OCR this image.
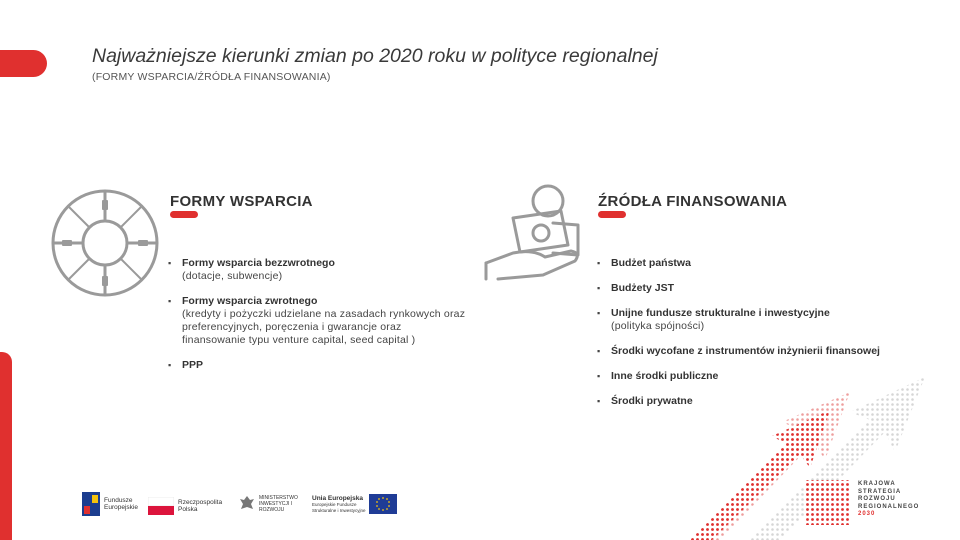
Najważniejsze kierunki zmian po 2020 roku w polityce regionalnej
(FORMY WSPARCIA/ŹRÓDŁA FINANSOWANIA)
FORMY WSPARCIA	ŹRÓDŁA FINANSOWANIA
▪ Formy wsparcia bezzwrotnego
(dotacje, subwencje)
▪ Formy wsparcia zwrotnego
(kredyty i pożyczki udzielane na zasadach rynkowych oraz preferencyjnych, poręczenia i gwarancje oraz finansowanie typu venture capital, seed capital )
▪ PPP
▪ Budżet państwa
▪ Budżety JST
▪ Unijne fundusze strukturalne i inwestycyjne
(polityka spójności)
▪ Środki wycofane z instrumentów inżynierii finansowej
▪ Inne środki publiczne
▪ Środki prywatne
KRAJOWA
STRATEGIA
ROZWOJU
REGIONALNEGO
2030
Fundusze Europejskie
Rzeczpospolita Polska
MINISTERSTWO INWESTYCJI I ROZWOJU
Unia Europejska
Europejskie Fundusze Strukturalne i Inwestycyjne
